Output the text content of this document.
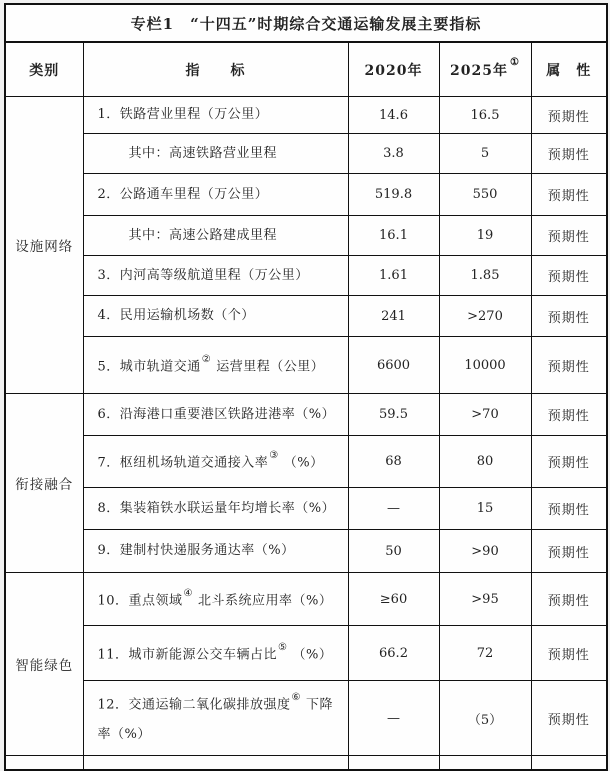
专栏1　“十四五”时期综合交通运输发展主要指标				
类别	指　　标	2020年	2025年①	属　性
设施网络	1．铁路营业里程（万公里）	14.6	16.5	预期性
	其中：高速铁路营业里程	3.8	5	预期性
	2．公路通车里程（万公里）	519.8	550	预期性
	其中：高速公路建成里程	16.1	19	预期性
	3．内河高等级航道里程（万公里）	1.61	1.85	预期性
	4．民用运输机场数（个）	241	>270	预期性
	5．城市轨道交通② 运营里程（公里）	6600	10000	预期性
衔接融合	6．沿海港口重要港区铁路进港率（%）	59.5	>70	预期性
	7．枢纽机场轨道交通接入率③ （%）	68	80	预期性
	8．集装箱铁水联运量年均增长率（%）	—	15	预期性
	9．建制村快递服务通达率（%）	50	>90	预期性
智能绿色	10．重点领域④ 北斗系统应用率（%）	≥60	>95	预期性
	11．城市新能源公交车辆占比⑤ （%）	66.2	72	预期性
	12．交通运输二氧化碳排放强度⑥ 下降率（%）	—	（5）	预期性
